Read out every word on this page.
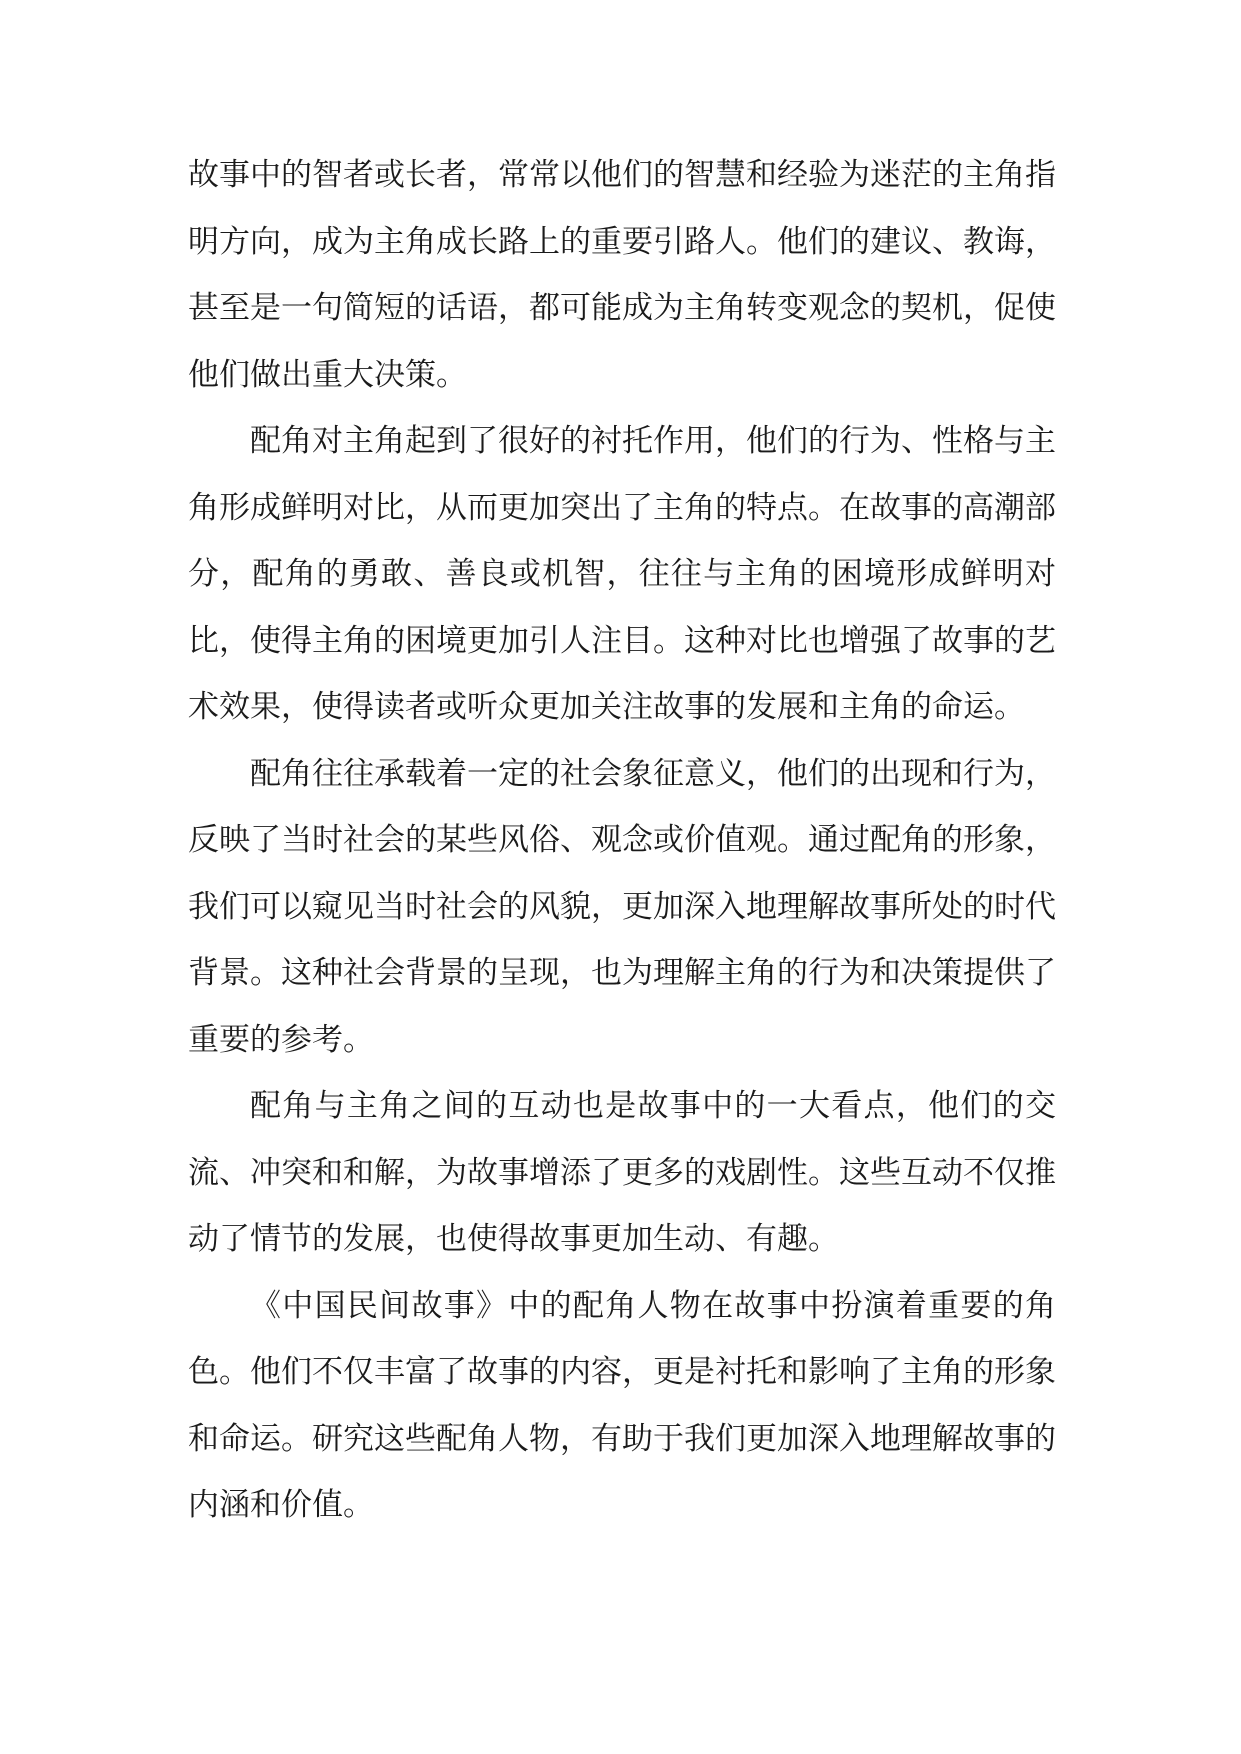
故事中的智者或长者，常常以他们的智慧和经验为迷茫的主角指明方向，成为主角成长路上的重要引路人。他们的建议、教诲，甚至是一句简短的话语，都可能成为主角转变观念的契机，促使他们做出重大决策。

配角对主角起到了很好的衬托作用，他们的行为、性格与主角形成鲜明对比，从而更加突出了主角的特点。在故事的高潮部分，配角的勇敢、善良或机智，往往与主角的困境形成鲜明对比，使得主角的困境更加引人注目。这种对比也增强了故事的艺术效果，使得读者或听众更加关注故事的发展和主角的命运。

配角往往承载着一定的社会象征意义，他们的出现和行为，反映了当时社会的某些风俗、观念或价值观。通过配角的形象，我们可以窥见当时社会的风貌，更加深入地理解故事所处的时代背景。这种社会背景的呈现，也为理解主角的行为和决策提供了重要的参考。

配角与主角之间的互动也是故事中的一大看点，他们的交流、冲突和和解，为故事增添了更多的戏剧性。这些互动不仅推动了情节的发展，也使得故事更加生动、有趣。

《中国民间故事》中的配角人物在故事中扮演着重要的角色。他们不仅丰富了故事的内容，更是衬托和影响了主角的形象和命运。研究这些配角人物，有助于我们更加深入地理解故事的内涵和价值。
